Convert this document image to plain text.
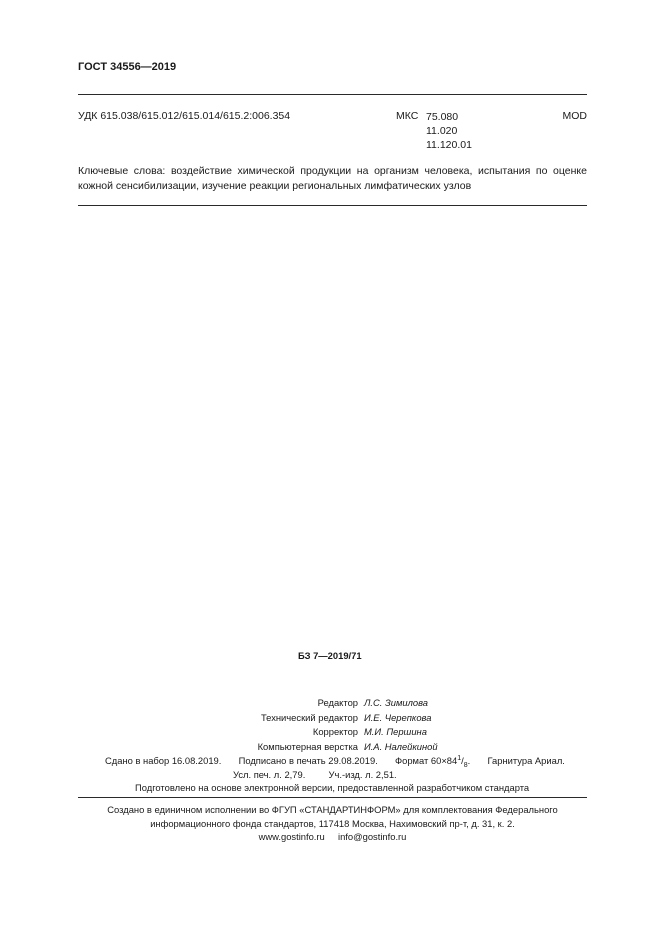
ГОСТ 34556—2019
УДК 615.038/615.012/615.014/615.2:006.354	МКС 75.080
11.020
11.120.01
MOD
Ключевые слова: воздействие химической продукции на организм человека, испытания по оценке
кожной сенсибилизации, изучение реакции региональных лимфатических узлов
БЗ 7—2019/71
Редактор Л.С. Зимилова
Технический редактор И.Е. Черепкова
Корректор М.И. Першина
Компьютерная верстка И.А. Налейкиной
Сдано в набор 16.08.2019. Подписано в печать 29.08.2019. Формат $60\times 84^1/_8$. Гарнитура Ариал.
Усл. печ. л. 2,79. Уч.-изд. л. 2,51.
Подготовлено на основе электронной версии, предоставленной разработчиком стандарта
Создано в единичном исполнении во ФГУП «СТАНДАРТИНФОРМ» для комплектования Федерального
информационного фонда стандартов, 117418 Москва, Нахимовский пр-т, д. 31, к. 2.
www.gostinfo.ru info@gostinfo.ru
